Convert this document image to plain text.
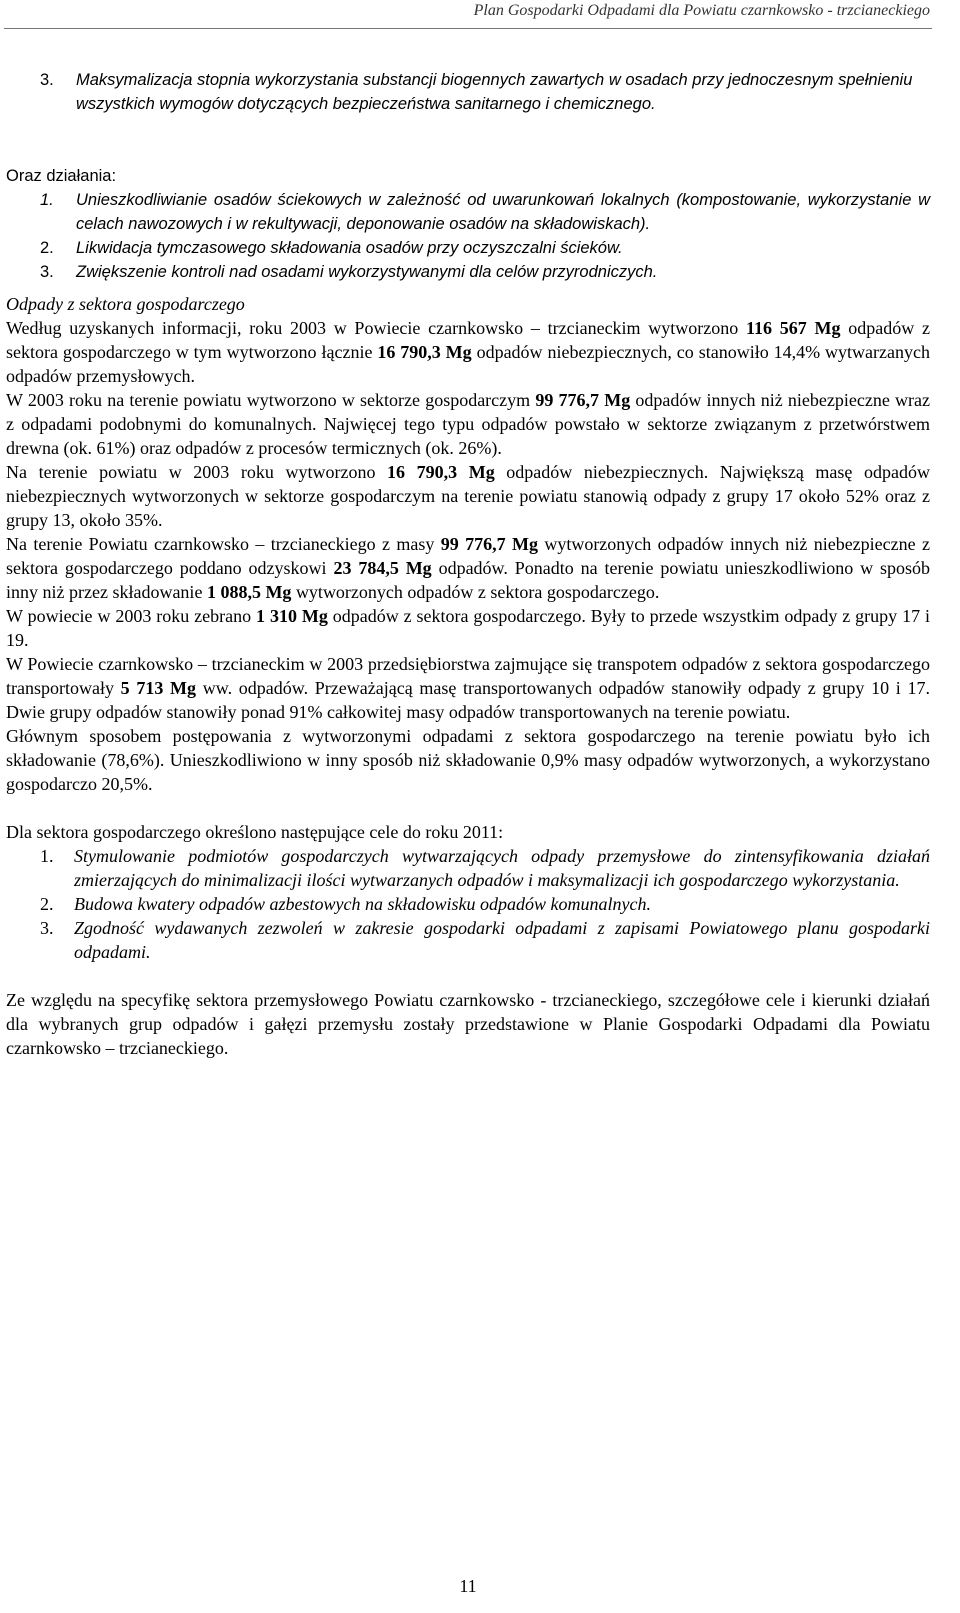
Plan Gospodarki Odpadami dla Powiatu czarnkowsko - trzcianeckiego
3.	Maksymalizacja stopnia wykorzystania substancji biogennych zawartych w osadach przy jednoczesnym spełnieniu wszystkich wymogów dotyczących bezpieczeństwa sanitarnego i chemicznego.

Oraz działania:

1.	Unieszkodliwianie osadów ściekowych w zależność od uwarunkowań lokalnych (kompostowanie, wykorzystanie w celach nawozowych i w rekultywacji, deponowanie osadów na składowiskach).

2.	Likwidacja tymczasowego składowania osadów przy oczyszczalni ścieków.

3.	Zwiększenie kontroli nad osadami wykorzystywanymi dla celów przyrodniczych.

Odpady z sektora gospodarczego

Według uzyskanych informacji, roku 2003 w Powiecie czarnkowsko – trzcianeckim wytworzono 116 567 Mg odpadów z sektora gospodarczego w tym wytworzono łącznie 16 790,3 Mg odpadów niebezpiecznych, co stanowiło 14,4% wytwarzanych odpadów przemysłowych.

W 2003 roku na terenie powiatu wytworzono w sektorze gospodarczym 99 776,7 Mg odpadów innych niż niebezpieczne wraz z odpadami podobnymi do komunalnych. Najwięcej tego typu odpadów powstało w sektorze związanym z przetwórstwem drewna (ok. 61%) oraz odpadów z procesów termicznych (ok. 26%).

Na terenie powiatu w 2003 roku wytworzono 16 790,3 Mg odpadów niebezpiecznych. Największą masę odpadów niebezpiecznych wytworzonych w sektorze gospodarczym na terenie powiatu stanowią odpady z grupy 17 około 52% oraz z grupy 13, około 35%.

Na terenie Powiatu czarnkowsko – trzcianeckiego z masy 99 776,7 Mg wytworzonych odpadów innych niż niebezpieczne z sektora gospodarczego poddano odzyskowi 23 784,5 Mg odpadów. Ponadto na terenie powiatu unieszkodliwiono w sposób inny niż przez składowanie 1 088,5 Mg wytworzonych odpadów z sektora gospodarczego.

W powiecie w 2003 roku zebrano 1 310 Mg odpadów z sektora gospodarczego. Były to przede wszystkim odpady z grupy 17 i 19.

W Powiecie czarnkowsko – trzcianeckim w 2003 przedsiębiorstwa zajmujące się transpotem odpadów z sektora gospodarczego transportowały 5 713 Mg ww. odpadów. Przeważającą masę transportowanych odpadów stanowiły odpady z grupy 10 i 17. Dwie grupy odpadów stanowiły ponad 91% całkowitej masy odpadów transportowanych na terenie powiatu.

Głównym sposobem postępowania z wytworzonymi odpadami z sektora gospodarczego na terenie powiatu było ich składowanie (78,6%). Unieszkodliwiono w inny sposób niż składowanie 0,9% masy odpadów wytworzonych, a wykorzystano gospodarczo 20,5%.

Dla sektora gospodarczego określono następujące cele do roku 2011:

1.	Stymulowanie podmiotów gospodarczych wytwarzających odpady przemysłowe do zintensyfikowania działań zmierzających do minimalizacji ilości wytwarzanych odpadów i maksymalizacji ich gospodarczego wykorzystania.

2.	Budowa kwatery odpadów azbestowych na składowisku odpadów komunalnych.

3.	Zgodność wydawanych zezwoleń w zakresie gospodarki odpadami z zapisami Powiatowego planu gospodarki odpadami.

Ze względu na specyfikę sektora przemysłowego Powiatu czarnkowsko - trzcianeckiego, szczegółowe cele i kierunki działań dla wybranych grup odpadów i gałęzi przemysłu zostały przedstawione w Planie Gospodarki Odpadami dla Powiatu czarnkowsko – trzcianeckiego.

11
